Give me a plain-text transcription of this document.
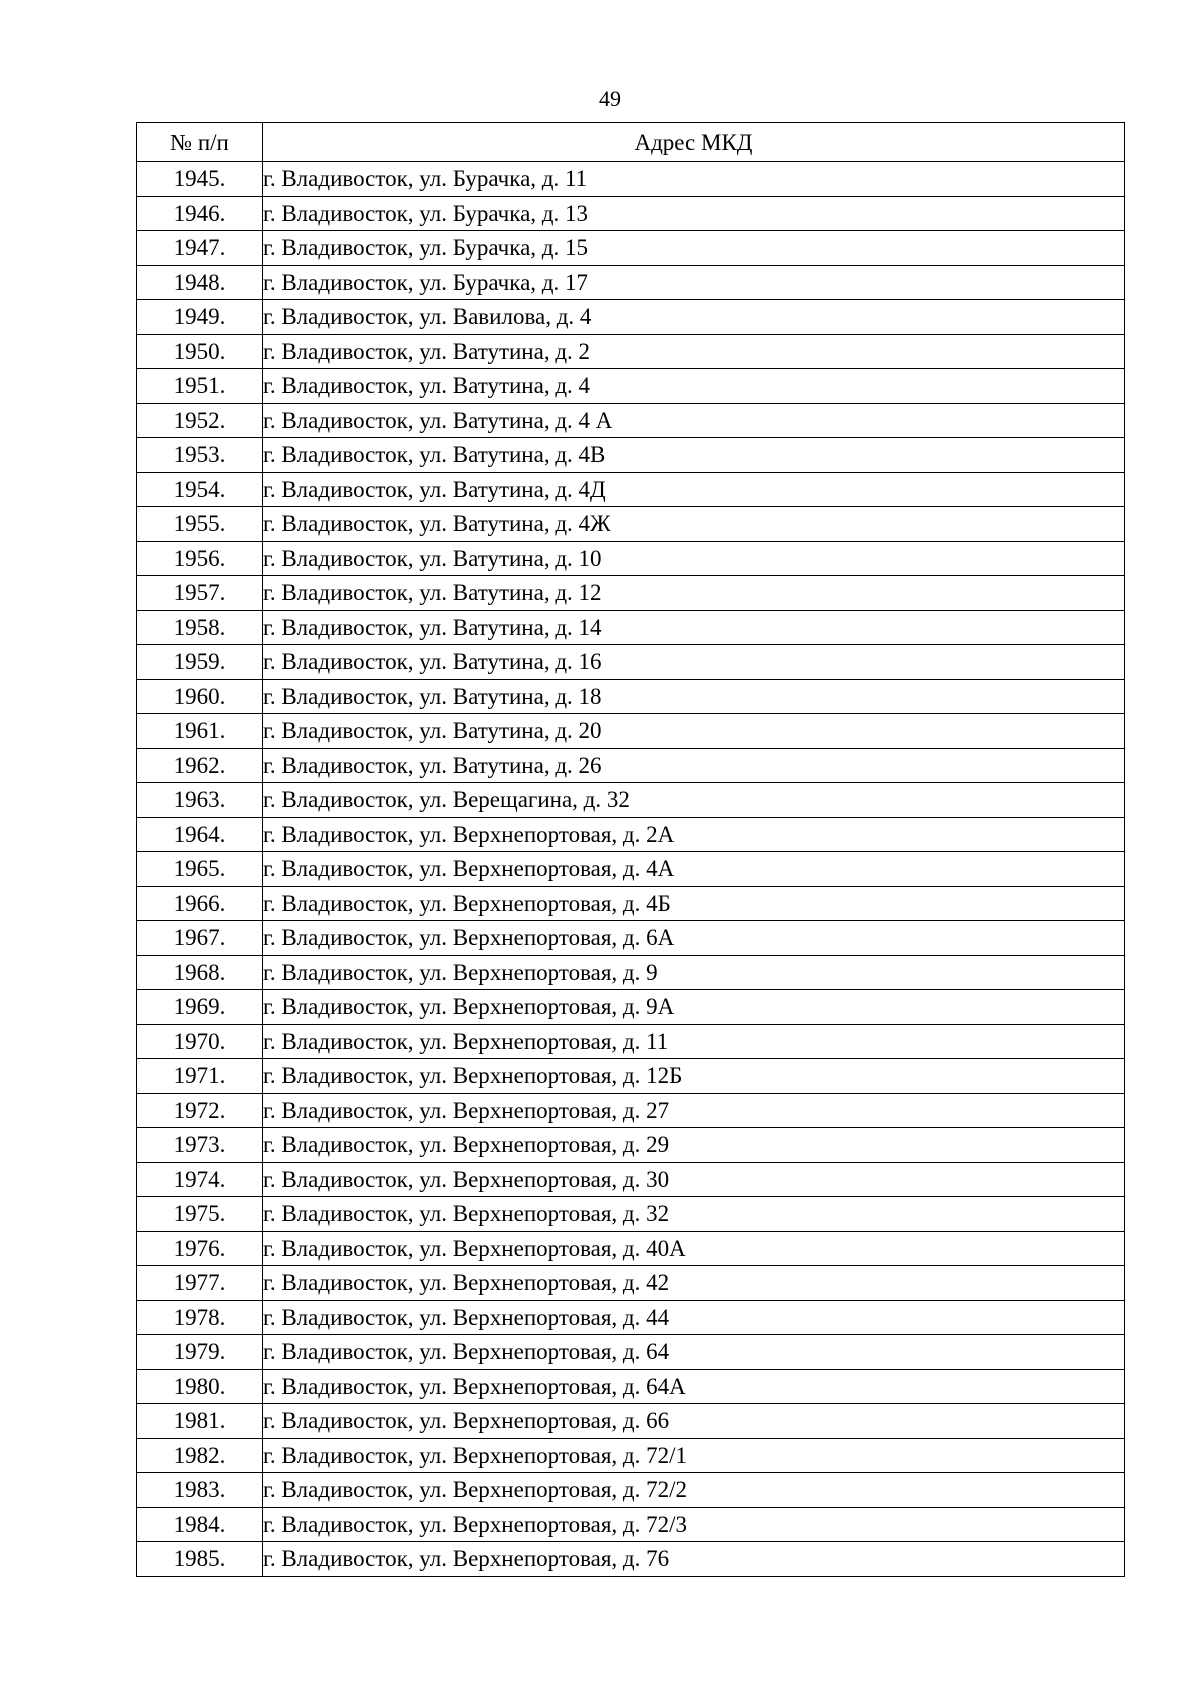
49
№ п/п	Адрес МКД
1945.	г. Владивосток, ул. Бурачка, д. 11
1946.	г. Владивосток, ул. Бурачка, д. 13
1947.	г. Владивосток, ул. Бурачка, д. 15
1948.	г. Владивосток, ул. Бурачка, д. 17
1949.	г. Владивосток, ул. Вавилова, д. 4
1950.	г. Владивосток, ул. Ватутина, д. 2
1951.	г. Владивосток, ул. Ватутина, д. 4
1952.	г. Владивосток, ул. Ватутина, д. 4 А
1953.	г. Владивосток, ул. Ватутина, д. 4В
1954.	г. Владивосток, ул. Ватутина, д. 4Д
1955.	г. Владивосток, ул. Ватутина, д. 4Ж
1956.	г. Владивосток, ул. Ватутина, д. 10
1957.	г. Владивосток, ул. Ватутина, д. 12
1958.	г. Владивосток, ул. Ватутина, д. 14
1959.	г. Владивосток, ул. Ватутина, д. 16
1960.	г. Владивосток, ул. Ватутина, д. 18
1961.	г. Владивосток, ул. Ватутина, д. 20
1962.	г. Владивосток, ул. Ватутина, д. 26
1963.	г. Владивосток, ул. Верещагина, д. 32
1964.	г. Владивосток, ул. Верхнепортовая, д. 2А
1965.	г. Владивосток, ул. Верхнепортовая, д. 4А
1966.	г. Владивосток, ул. Верхнепортовая, д. 4Б
1967.	г. Владивосток, ул. Верхнепортовая, д. 6А
1968.	г. Владивосток, ул. Верхнепортовая, д. 9
1969.	г. Владивосток, ул. Верхнепортовая, д. 9А
1970.	г. Владивосток, ул. Верхнепортовая, д. 11
1971.	г. Владивосток, ул. Верхнепортовая, д. 12Б
1972.	г. Владивосток, ул. Верхнепортовая, д. 27
1973.	г. Владивосток, ул. Верхнепортовая, д. 29
1974.	г. Владивосток, ул. Верхнепортовая, д. 30
1975.	г. Владивосток, ул. Верхнепортовая, д. 32
1976.	г. Владивосток, ул. Верхнепортовая, д. 40А
1977.	г. Владивосток, ул. Верхнепортовая, д. 42
1978.	г. Владивосток, ул. Верхнепортовая, д. 44
1979.	г. Владивосток, ул. Верхнепортовая, д. 64
1980.	г. Владивосток, ул. Верхнепортовая, д. 64А
1981.	г. Владивосток, ул. Верхнепортовая, д. 66
1982.	г. Владивосток, ул. Верхнепортовая, д. 72/1
1983.	г. Владивосток, ул. Верхнепортовая, д. 72/2
1984.	г. Владивосток, ул. Верхнепортовая, д. 72/3
1985.	г. Владивосток, ул. Верхнепортовая, д. 76
